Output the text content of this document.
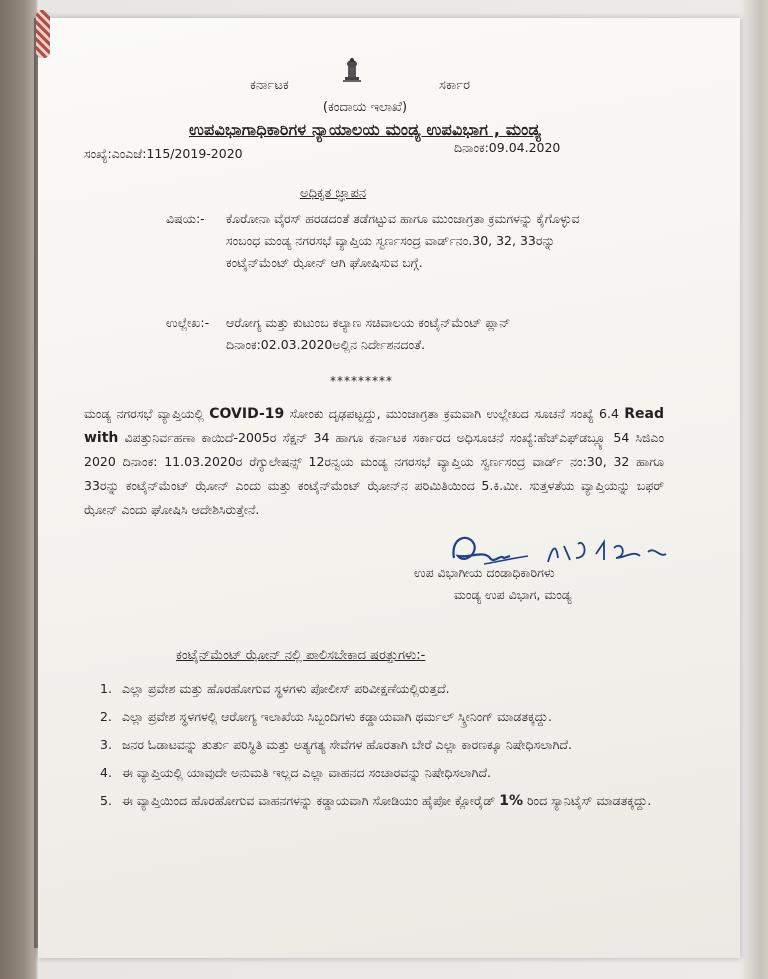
ಕರ್ನಾಟಕ	ಸರ್ಕಾರ
(ಕಂದಾಯ ಇಲಾಖೆ)
ಉಪವಿಭಾಗಾಧಿಕಾರಿಗಳ ನ್ಯಾಯಾಲಯ ಮಂಡ್ಯ ಉಪವಿಭಾಗ , ಮಂಡ್ಯ
ಸಂಖ್ಯೆ:ಎಂಎಜೆ:115/2019-2020	ದಿನಾಂಕ:09.04.2020
ಅಧಿಕೃತ ಜ್ಞಾಪನ
ವಿಷಯ:- ಕೊರೋನಾ ವೈರಸ್ ಹರಡದಂತೆ ತಡೆಗಟ್ಟುವ ಹಾಗೂ ಮುಂಜಾಗ್ರತಾ ಕ್ರಮಗಳನ್ನು ಕೈಗೊಳ್ಳುವ ಸಂಬಂಧ ಮಂಡ್ಯ ನಗರಸಭೆ ವ್ಯಾಪ್ತಿಯ ಸ್ವರ್ಣಸಂದ್ರ ವಾರ್ಡ್‌ನಂ.30, 32, 33ರನ್ನು ಕಂಟೈನ್‌ಮೆಂಟ್ ಝೋನ್ ಆಗಿ ಘೋಷಿಸುವ ಬಗ್ಗೆ.
ಉಲ್ಲೇಖ:- ಆರೋಗ್ಯ ಮತ್ತು ಕುಟುಂಬ ಕಲ್ಯಾಣ ಸಚಿವಾಲಯ ಕಂಟೈನ್‌ಮೆಂಟ್ ಪ್ಲಾನ್ ದಿನಾಂಕ:02.03.2020ಅಲ್ಲಿನ ನಿರ್ದೇಶನದಂತೆ.
*********
ಮಂಡ್ಯ ನಗರಸಭೆ ವ್ಯಾಪ್ತಿಯಲ್ಲಿ COVID-19 ಸೋಂಕು ದೃಢಪಟ್ಟದ್ದು, ಮುಂಜಾಗ್ರತಾ ಕ್ರಮವಾಗಿ ಉಲ್ಲೇಖದ ಸೂಚನೆ ಸಂಖ್ಯೆ 6.4 Read with ವಿಪತ್ತುನಿರ್ವಹಣಾ ಕಾಯಿದೆ-2005ರ ಸೆಕ್ಷನ್ 34 ಹಾಗೂ ಕರ್ನಾಟಕ ಸರ್ಕಾರದ ಅಧಿಸೂಚನೆ ಸಂಖ್ಯೆ:ಹೆಚ್‌ಎಫ್‌ಡಬ್ಲ್ಯೂ 54 ಸಿಜಿಎಂ 2020 ದಿನಾಂಕ: 11.03.2020ರ ರೆಗ್ಯುಲೇಷನ್ಸ್ 12ರನ್ವಯ ಮಂಡ್ಯ ನಗರಸಭೆ ವ್ಯಾಪ್ತಿಯ ಸ್ವರ್ಣಸಂದ್ರ ವಾರ್ಡ್ ನಂ:30, 32 ಹಾಗೂ 33ರನ್ನು ಕಂಟೈನ್‌ಮೆಂಟ್ ಝೋನ್ ಎಂದು ಮತ್ತು ಕಂಟೈನ್‌ಮೆಂಟ್ ಝೋನ್‌ನ ಪರಿಮಿತಿಯಿಂದ 5.ಕಿ.ಮೀ. ಸುತ್ತಳತೆಯ ವ್ಯಾಪ್ತಿಯನ್ನು ಬಫರ್ ಝೋನ್ ಎಂದು ಘೋಷಿಸಿ ಆದೇಶಿಸಿರುತ್ತೇನೆ.
ಉಪ ವಿಭಾಗೀಯ ದಂಡಾಧಿಕಾರಿಗಳು
ಮಂಡ್ಯ ಉಪ ವಿಭಾಗ, ಮಂಡ್ಯ
ಕಂಟೈನ್‌ಮೆಂಟ್ ಝೋನ್ ನಲ್ಲಿ ಪಾಲಿಸಬೇಕಾದ ಷರತ್ತುಗಳು:-
1. ಎಲ್ಲಾ ಪ್ರವೇಶ ಮತ್ತು ಹೊರಹೋಗುವ ಸ್ಥಳಗಳು ಪೋಲೀಸ್ ಪರಿವೀಕ್ಷಣೆಯಲ್ಲಿರುತ್ತದೆ.
2. ಎಲ್ಲಾ ಪ್ರವೇಶ ಸ್ಥಳಗಳಲ್ಲಿ ಆರೋಗ್ಯ ಇಲಾಖೆಯ ಸಿಬ್ಬಂದಿಗಳು ಕಡ್ಡಾಯವಾಗಿ ಥರ್ಮಲ್ ಸ್ಕ್ರೀನಿಂಗ್ ಮಾಡತಕ್ಕದ್ದು.
3. ಜನರ ಓಡಾಟವನ್ನು ತುರ್ತು ಪರಿಸ್ಥಿತಿ ಮತ್ತು ಅತ್ಯಗತ್ಯ ಸೇವೆಗಳ ಹೊರತಾಗಿ ಬೇರೆ ಎಲ್ಲಾ ಕಾರಣಕ್ಕೂ ನಿಷೇಧಿಸಲಾಗಿದೆ.
4. ಈ ವ್ಯಾಪ್ತಿಯಲ್ಲಿ ಯಾವುದೇ ಅನುಮತಿ ಇಲ್ಲದ ಎಲ್ಲಾ ವಾಹನದ ಸಂಚಾರವನ್ನು ನಿಷೇಧಿಸಲಾಗಿದೆ.
5. ಈ ವ್ಯಾಪ್ತಿಯಿಂದ ಹೊರಹೋಗುವ ವಾಹನಗಳನ್ನು ಕಡ್ಡಾಯವಾಗಿ ಸೋಡಿಯಂ ಹೈಪೋ ಕ್ಲೋರೈಡ್ 1% ರಿಂದ ಸ್ಯಾನಿಟೈಸ್ ಮಾಡತಕ್ಕದ್ದು.
